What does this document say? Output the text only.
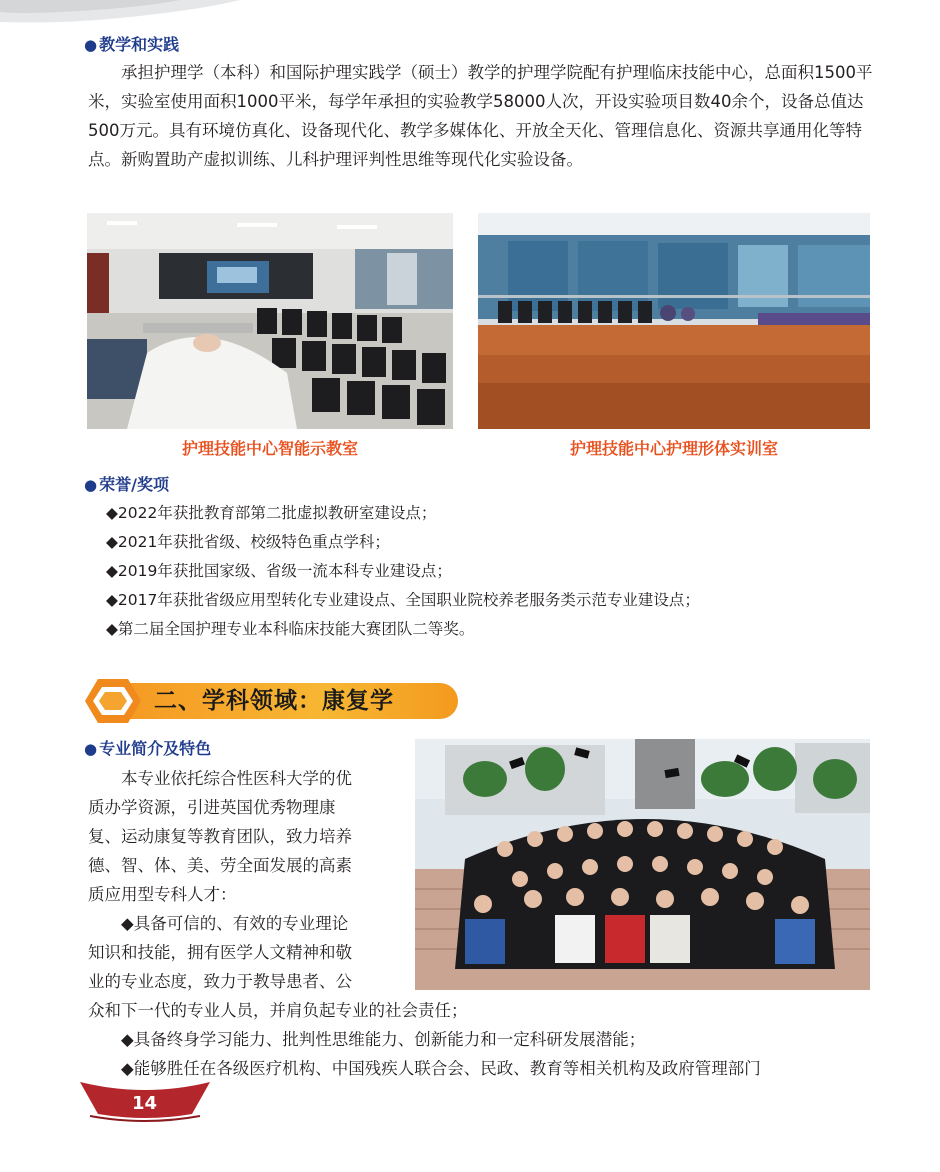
● 教学和实践

承担护理学（本科）和国际护理实践学（硕士）教学的护理学院配有护理临床技能中心，总面积1500平米，实验室使用面积1000平米，每学年承担的实验教学58000人次，开设实验项目数40余个，设备总值达500万元。具有环境仿真化、设备现代化、教学多媒体化、开放全天化、管理信息化、资源共享通用化等特点。新购置助产虚拟训练、儿科护理评判性思维等现代化实验设备。

护理技能中心智能示教室	护理技能中心护理形体实训室
● 荣誉/奖项
◆2022年获批教育部第二批虚拟教研室建设点；
◆2021年获批省级、校级特色重点学科；
◆2019年获批国家级、省级一流本科专业建设点；
◆2017年获批省级应用型转化专业建设点、全国职业院校养老服务类示范专业建设点；
◆第二届全国护理专业本科临床技能大赛团队二等奖。
二、学科领域：康复学
● 专业简介及特色
本专业依托综合性医科大学的优
质办学资源，引进英国优秀物理康
复、运动康复等教育团队，致力培养
德、智、体、美、劳全面发展的高素
质应用型专科人才：
◆具备可信的、有效的专业理论
知识和技能，拥有医学人文精神和敬
业的专业态度，致力于教导患者、公
众和下一代的专业人员，并肩负起专业的社会责任；
◆具备终身学习能力、批判性思维能力、创新能力和一定科研发展潜能；
◆能够胜任在各级医疗机构、中国残疾人联合会、民政、教育等相关机构及政府管理部门
14
